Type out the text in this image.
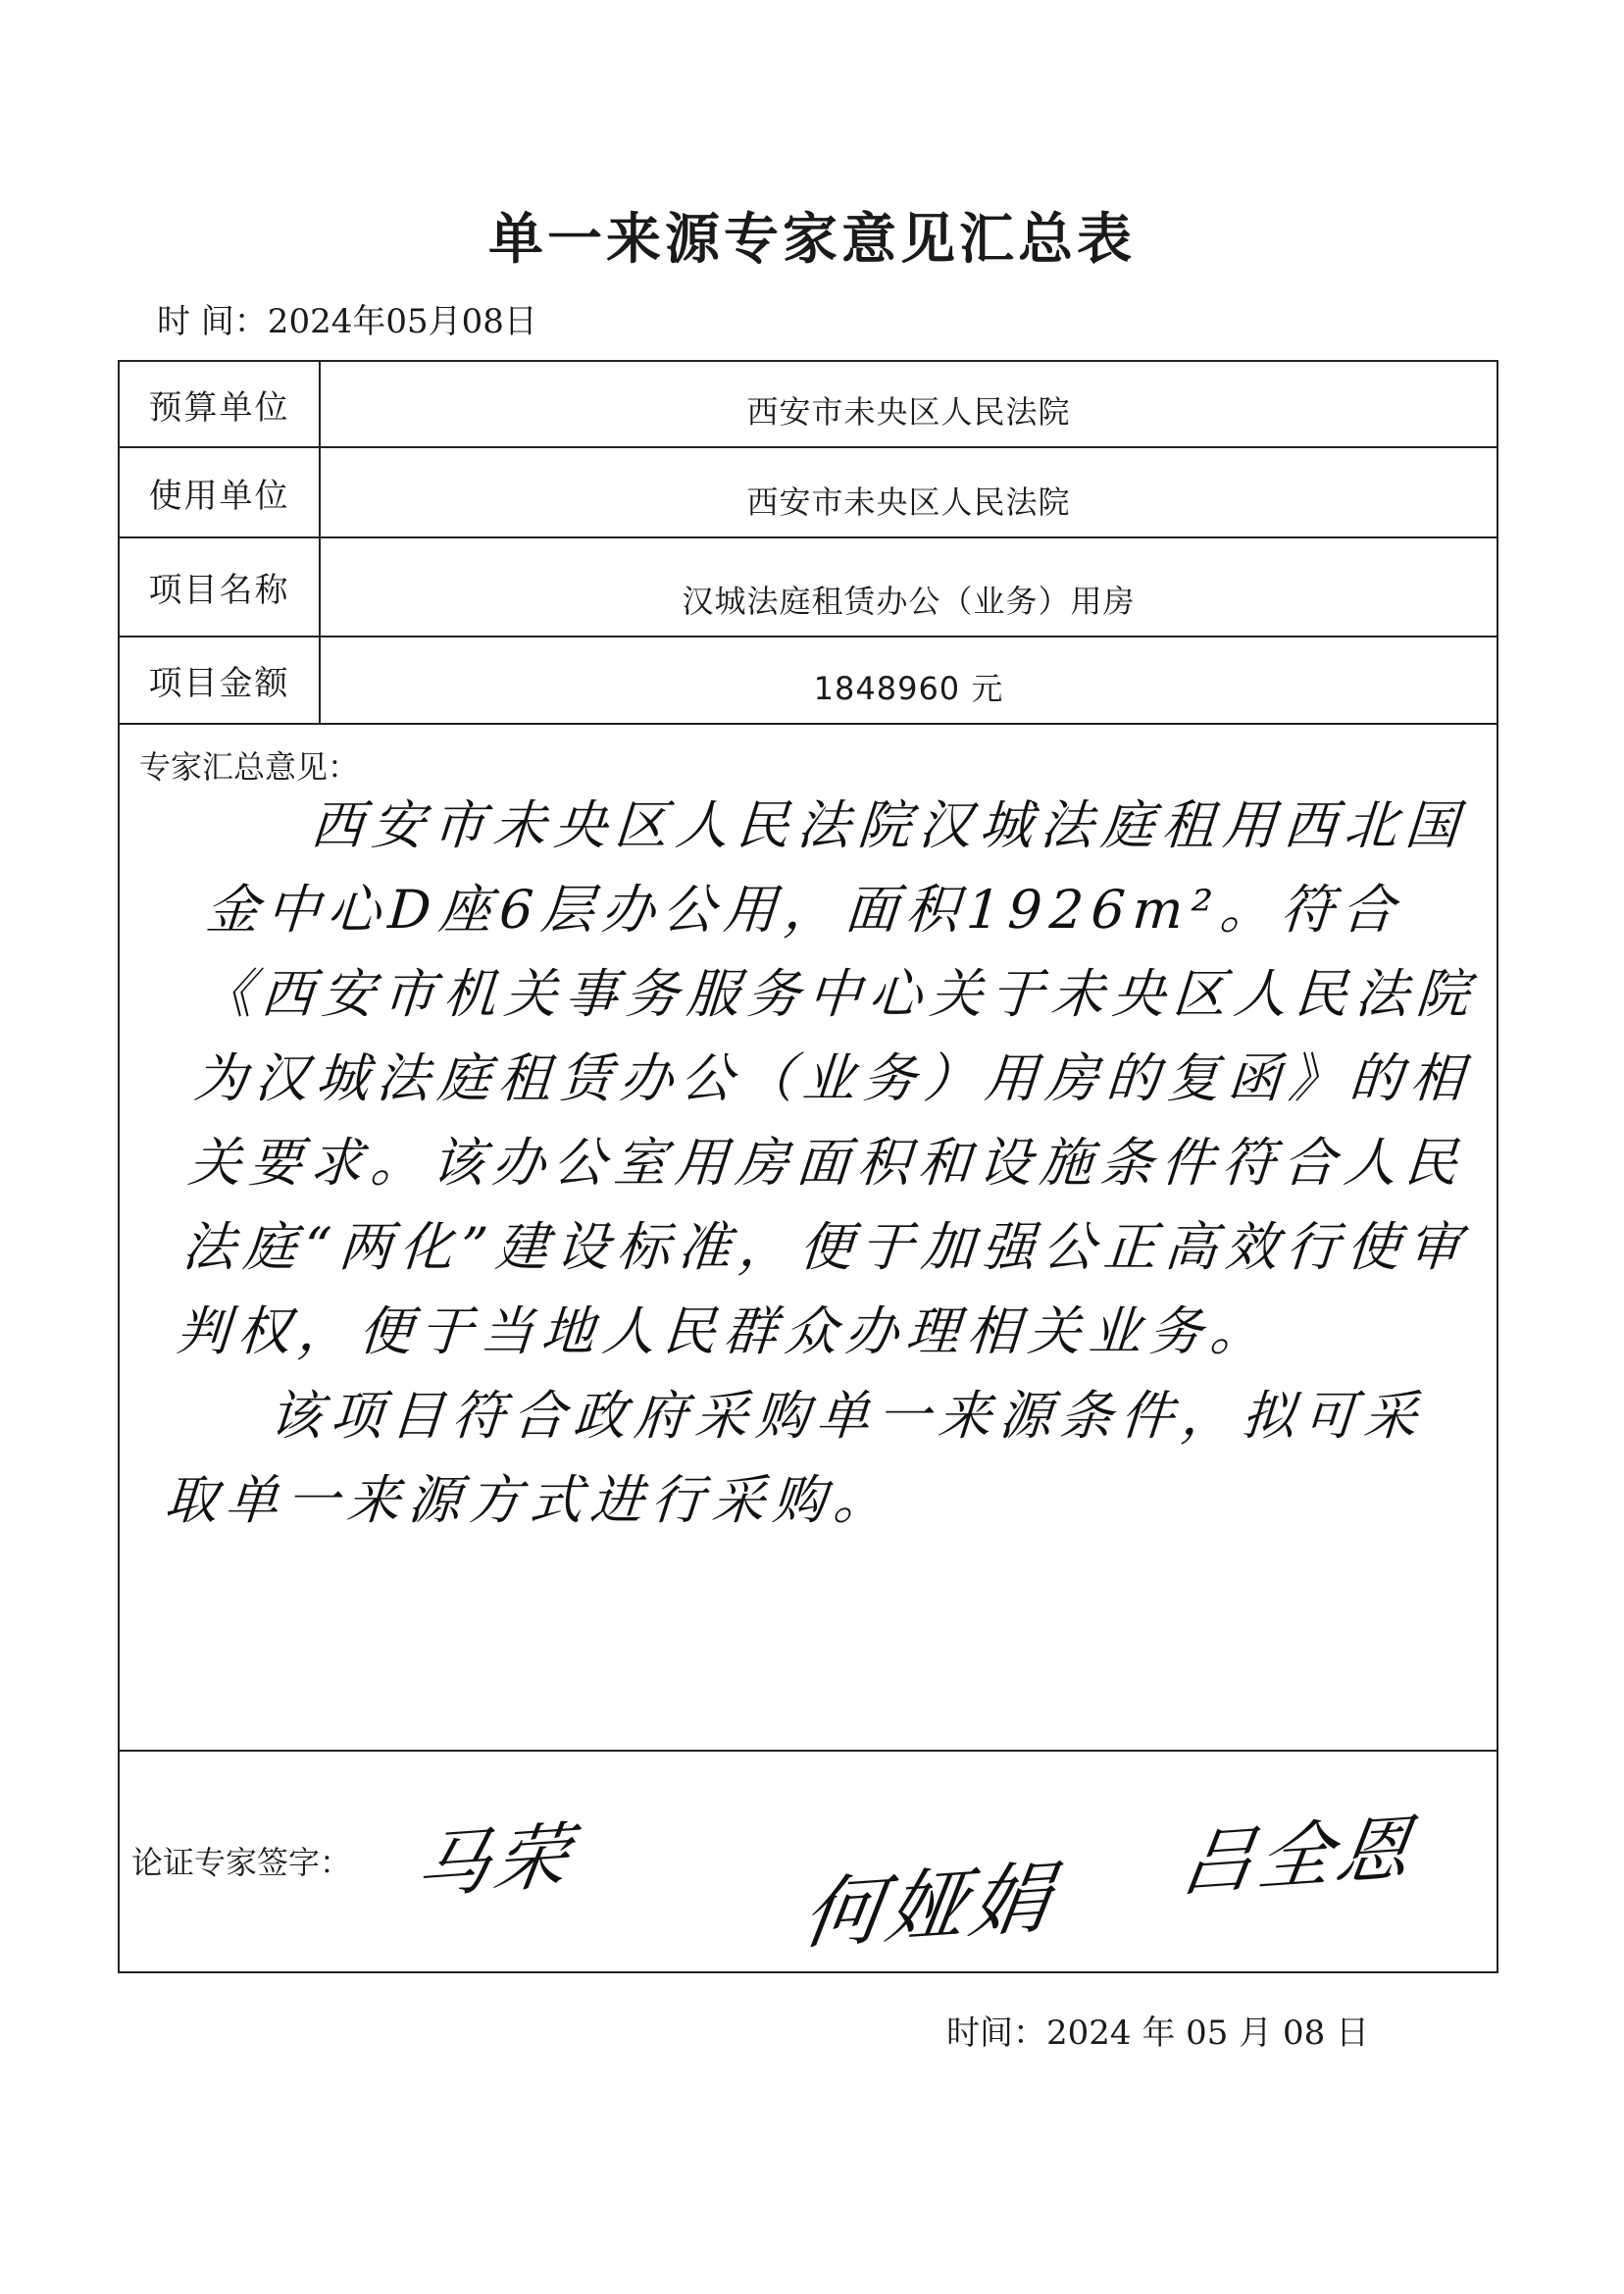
单一来源专家意见汇总表
时 间：2024年05月08日
预算单位	西安市未央区人民法院
使用单位	西安市未央区人民法院
项目名称	汉城法庭租赁办公（业务）用房
项目金额	1848960 元
专家汇总意见：
西安市未央区人民法院汉城法庭租用西北国金中心D座6层办公用，面积1926m²。符合《西安市机关事务服务中心关于未央区人民法院为汉城法庭租赁办公（业务）用房的复函》的相关要求。该办公室用房面积和设施条件符合人民法庭“两化”建设标准，便于加强公正高效行使审判权，便于当地人民群众办理相关业务。
该项目符合政府采购单一来源条件，拟可采取单一来源方式进行采购。
论证专家签字： 马荣	何娅娟 吕全恩
时间：2024 年 05 月 08 日
